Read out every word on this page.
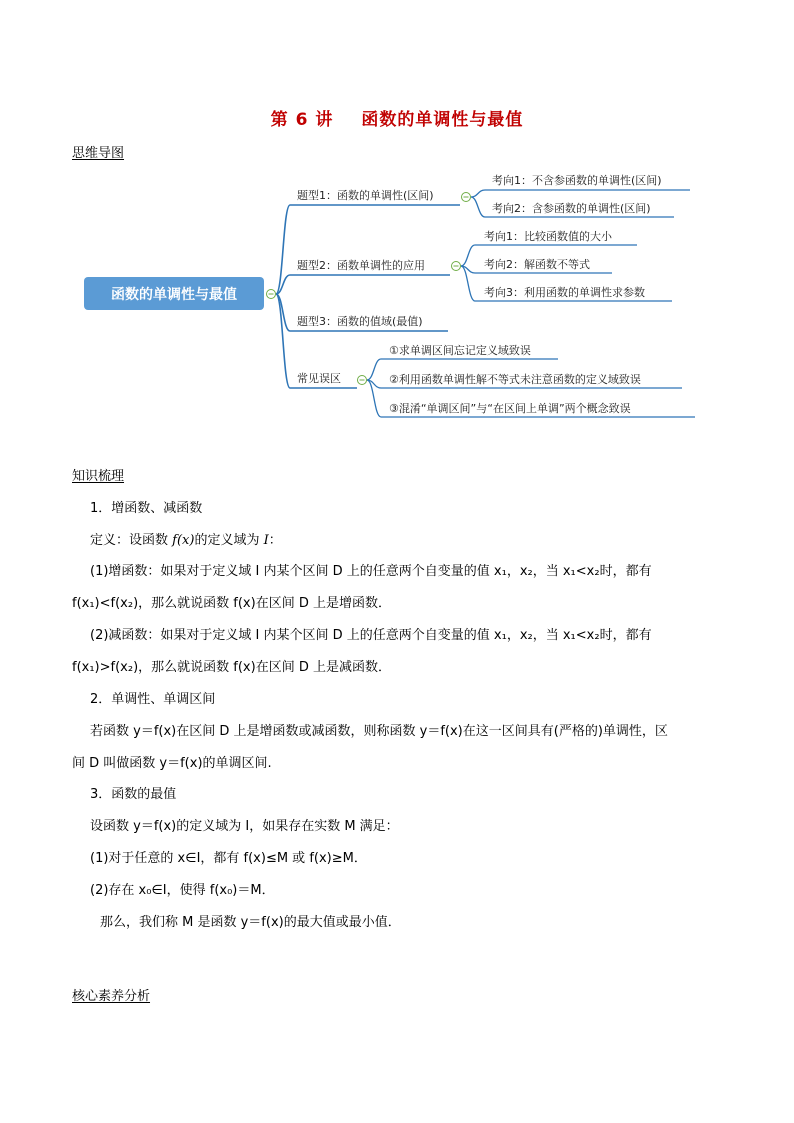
第 6 讲 函数的单调性与最值
思维导图
函数的单调性与最值
题型1：函数的单调性(区间)
题型2：函数单调性的应用
题型3：函数的值域(最值)
常见误区
考向1：不含参函数的单调性(区间)
考向2：含参函数的单调性(区间)
考向1：比较函数值的大小
考向2：解函数不等式
考向3：利用函数的单调性求参数
①求单调区间忘记定义域致误
②利用函数单调性解不等式未注意函数的定义域致误
③混淆“单调区间”与“在区间上单调”两个概念致误
知识梳理
1．增函数、减函数
定义：设函数 f(x)的定义域为 I：
(1)增函数：如果对于定义域 I 内某个区间 D 上的任意两个自变量的值 x₁，x₂，当 x₁<x₂时，都有
f(x₁)<f(x₂)，那么就说函数 f(x)在区间 D 上是增函数．
(2)减函数：如果对于定义域 I 内某个区间 D 上的任意两个自变量的值 x₁，x₂，当 x₁<x₂时，都有
f(x₁)>f(x₂)，那么就说函数 f(x)在区间 D 上是减函数．
2．单调性、单调区间
若函数 y＝f(x)在区间 D 上是增函数或减函数，则称函数 y＝f(x)在这一区间具有(严格的)单调性，区
间 D 叫做函数 y＝f(x)的单调区间.
3．函数的最值
设函数 y＝f(x)的定义域为 I，如果存在实数 M 满足：
(1)对于任意的 x∈I，都有 f(x)≤M 或 f(x)≥M．
(2)存在 x₀∈I，使得 f(x₀)＝M．
那么，我们称 M 是函数 y＝f(x)的最大值或最小值．
核心素养分析
